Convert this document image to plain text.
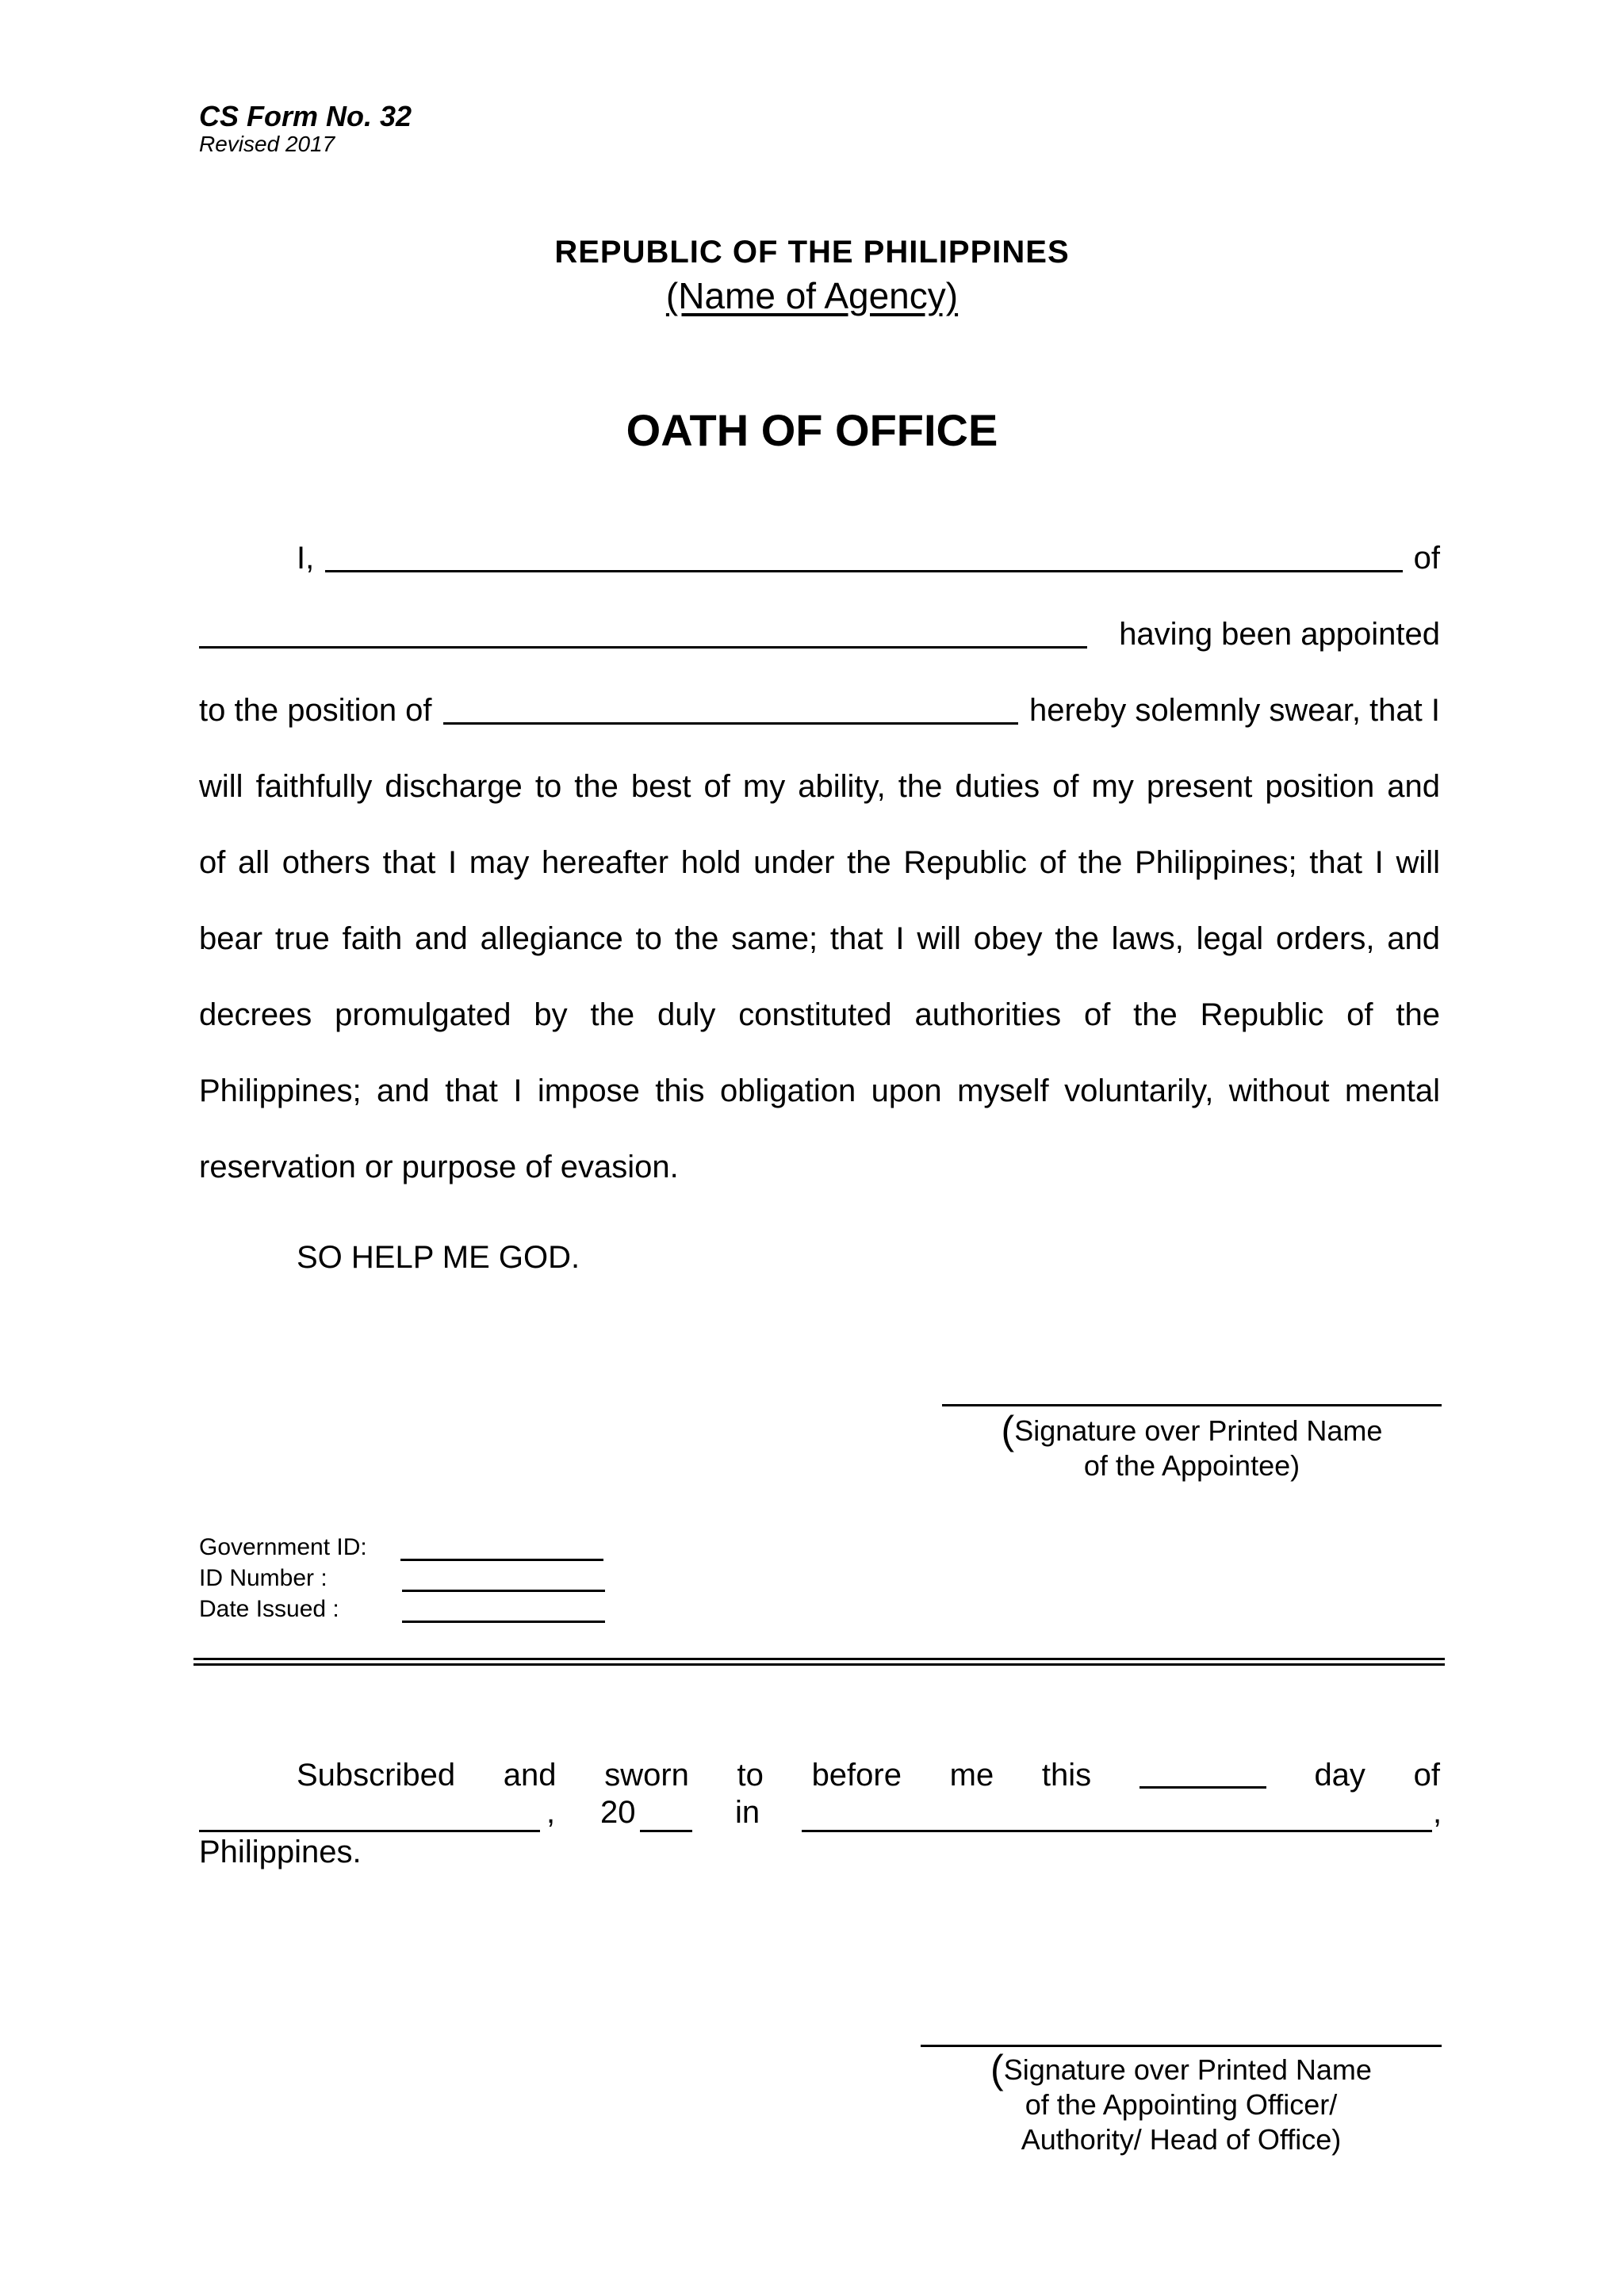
CS Form No. 32
Revised 2017
REPUBLIC OF THE PHILIPPINES
(Name of Agency)
OATH OF OFFICE
I,	of
having been appointed
to the position of	hereby solemnly swear, that I
will faithfully discharge to the best of my ability, the duties of my present position and
of all others that I may hereafter hold under the Republic of the Philippines; that I will
bear true faith and allegiance to the same; that I will obey the laws, legal orders, and
decrees promulgated by the duly constituted authorities of the Republic of the
Philippines; and that I impose this obligation upon myself voluntarily, without mental
reservation or purpose of evasion.
SO HELP ME GOD.
(Signature over Printed Name
of the Appointee)
Government ID:
ID Number :
Date Issued :
Subscribed and sworn to before me this	day of
, 20	in	,
Philippines.
(Signature over Printed Name
of the Appointing Officer/
Authority/ Head of Office)
